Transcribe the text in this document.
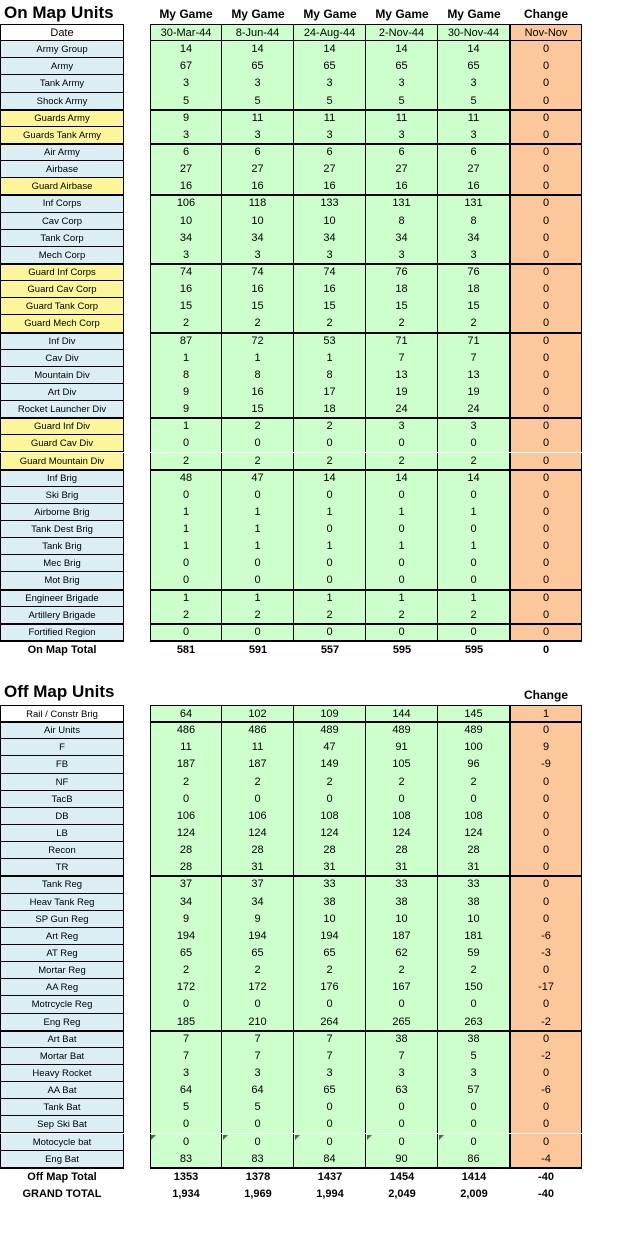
On Map Units	My Game	My Game	My Game	My Game	My Game	Change
Date	30-Mar-44	8-Jun-44	24-Aug-44	2-Nov-44	30-Nov-44	Nov-Nov
Army Group	14	14	14	14	14	0
Army	67	65	65	65	65	0
Tank Army	3	3	3	3	3	0
Shock Army	5	5	5	5	5	0
Guards Army	9	11	11	11	11	0
Guards Tank Army	3	3	3	3	3	0
Air Army	6	6	6	6	6	0
Airbase	27	27	27	27	27	0
Guard Airbase	16	16	16	16	16	0
Inf Corps	106	118	133	131	131	0
Cav Corp	10	10	10	8	8	0
Tank Corp	34	34	34	34	34	0
Mech Corp	3	3	3	3	3	0
Guard Inf Corps	74	74	74	76	76	0
Guard Cav Corp	16	16	16	18	18	0
Guard Tank Corp	15	15	15	15	15	0
Guard Mech Corp	2	2	2	2	2	0
Inf Div	87	72	53	71	71	0
Cav Div	1	1	1	7	7	0
Mountain Div	8	8	8	13	13	0
Art Div	9	16	17	19	19	0
Rocket Launcher Div	9	15	18	24	24	0
Guard Inf Div	1	2	2	3	3	0
Guard Cav Div	0	0	0	0	0	0
Guard Mountain Div	2	2	2	2	2	0
Inf Brig	48	47	14	14	14	0
Ski Brig	0	0	0	0	0	0
Airborne Brig	1	1	1	1	1	0
Tank Dest Brig	1	1	0	0	0	0
Tank Brig	1	1	1	1	1	0
Mec Brig	0	0	0	0	0	0
Mot Brig	0	0	0	0	0	0
Engineer Brigade	1	1	1	1	1	0
Artillery Brigade	2	2	2	2	2	0
Fortified Region	0	0	0	0	0	0
On Map Total	581	591	557	595	595	0
Off Map Units	Change
Rail / Constr Brig	64	102	109	144	145	1
Air Units	486	486	489	489	489	0
F	11	11	47	91	100	9
FB	187	187	149	105	96	-9
NF	2	2	2	2	2	0
TacB	0	0	0	0	0	0
DB	106	106	108	108	108	0
LB	124	124	124	124	124	0
Recon	28	28	28	28	28	0
TR	28	31	31	31	31	0
Tank Reg	37	37	33	33	33	0
Heav Tank Reg	34	34	38	38	38	0
SP Gun Reg	9	9	10	10	10	0
Art Reg	194	194	194	187	181	-6
AT Reg	65	65	65	62	59	-3
Mortar Reg	2	2	2	2	2	0
AA Reg	172	172	176	167	150	-17
Motrcycle Reg	0	0	0	0	0	0
Eng Reg	185	210	264	265	263	-2
Art Bat	7	7	7	38	38	0
Mortar Bat	7	7	7	7	5	-2
Heavy Rocket	3	3	3	3	3	0
AA Bat	64	64	65	63	57	-6
Tank Bat	5	5	0	0	0	0
Sep Ski Bat	0	0	0	0	0	0
Motocycle bat	0	0	0	0	0	0
Eng Bat	83	83	84	90	86	-4
Off Map Total	1353	1378	1437	1454	1414	-40
GRAND TOTAL	1,934	1,969	1,994	2,049	2,009	-40
